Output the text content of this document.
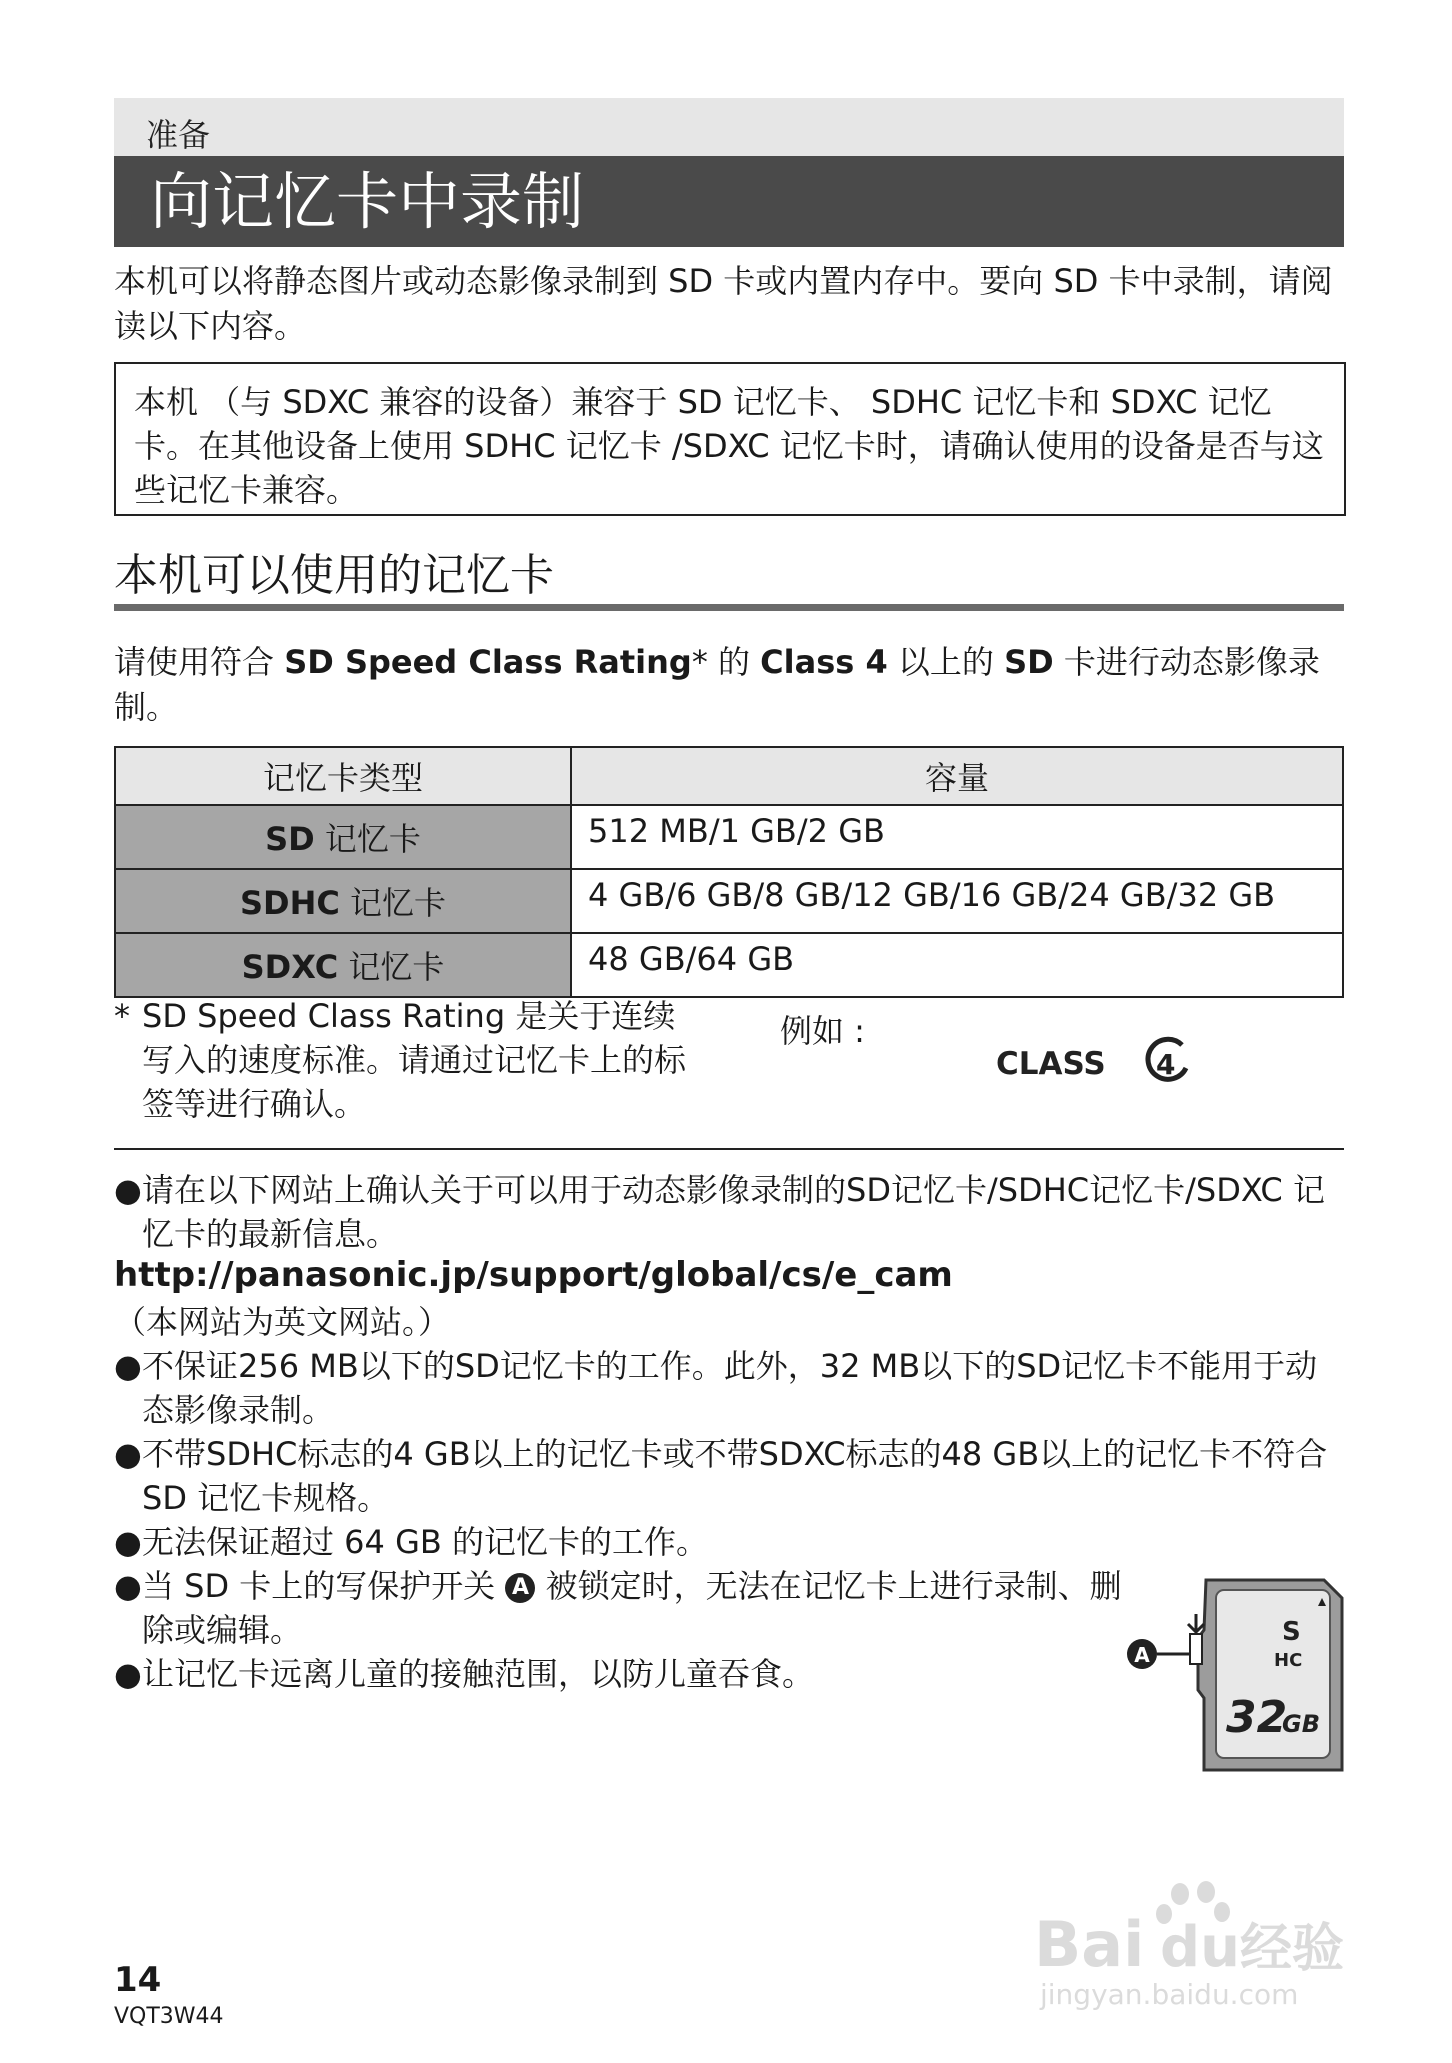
准备
向记忆卡中录制
本机可以将静态图片或动态影像录制到 SD 卡或内置内存中。要向 SD 卡中录制，请阅读以下内容。

本机 （与 SDXC 兼容的设备）兼容于 SD 记忆卡、 SDHC 记忆卡和 SDXC 记忆卡。在其他设备上使用 SDHC 记忆卡 /SDXC 记忆卡时，请确认使用的设备是否与这些记忆卡兼容。

本机可以使用的记忆卡
请使用符合 SD Speed Class Rating* 的 Class 4 以上的 SD 卡进行动态影像录制。
记忆卡类型	容量
SD 记忆卡	512 MB/1 GB/2 GB
SDHC 记忆卡	4 GB/6 GB/8 GB/12 GB/16 GB/24 GB/32 GB
SDXC 记忆卡	48 GB/64 GB
* SD Speed Class Rating 是关于连续写入的速度标准。请通过记忆卡上的标签等进行确认。
例如 :
CLASS 4
● 请在以下网站上确认关于可以用于动态影像录制的SD记忆卡/SDHC记忆卡/SDXC 记忆卡的最新信息。
http://panasonic.jp/support/global/cs/e_cam
（本网站为英文网站。）
● 不保证256 MB以下的SD记忆卡的工作。此外，32 MB以下的SD记忆卡不能用于动态影像录制。
● 不带SDHC标志的4 GB以上的记忆卡或不带SDXC标志的48 GB以上的记忆卡不符合 SD 记忆卡规格。
● 无法保证超过 64 GB 的记忆卡的工作。
● 当 SD 卡上的写保护开关 A 被锁定时，无法在记忆卡上进行录制、删除或编辑。
● 让记忆卡远离儿童的接触范围，以防儿童吞食。	A
S
HC
32
GB
14
VQT3W44
Bai du 经验
jingyan.baidu.com
